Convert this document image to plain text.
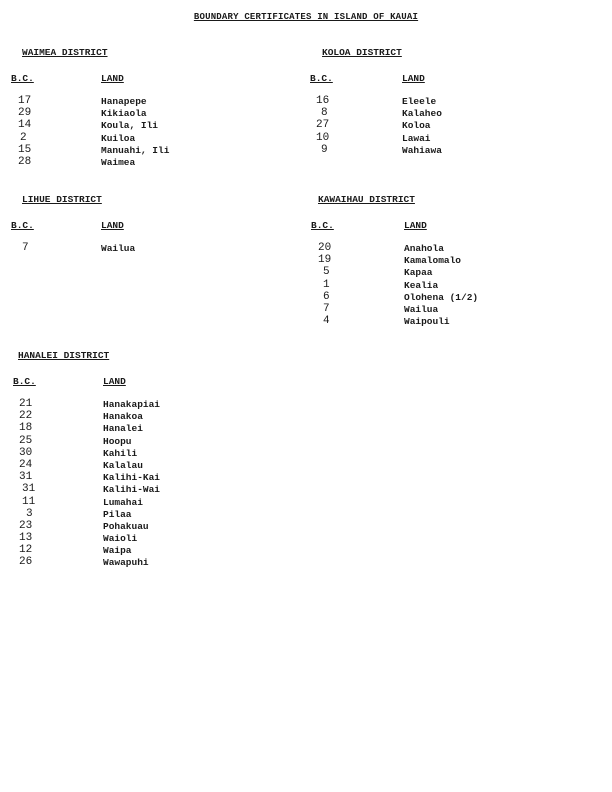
BOUNDARY CERTIFICATES IN ISLAND OF KAUAI
WAIMEA DISTRICT
B.C.	LAND
17	Hanapepe
29	Kikiaola
14	Koula, Ili
2	Kuiloa
15	Manuahi, Ili
28	Waimea
KOLOA DISTRICT
B.C.	LAND
16	Eleele
8	Kalaheo
27	Koloa
10	Lawai
9	Wahiawa
LIHUE DISTRICT
B.C.	LAND
7	Wailua
KAWAIHAU DISTRICT
B.C.	LAND
20	Anahola
19	Kamalomalo
5	Kapaa
1	Kealia
6	Olohena (1/2)
7	Wailua
4	Waipouli
HANALEI DISTRICT
B.C.	LAND
21	Hanakapiai
22	Hanakoa
18	Hanalei
25	Hoopu
30	Kahili
24	Kalalau
31	Kalihi-Kai
31	Kalihi-Wai
11	Lumahai
3	Pilaa
23	Pohakuau
13	Waioli
12	Waipa
26	Wawapuhi
